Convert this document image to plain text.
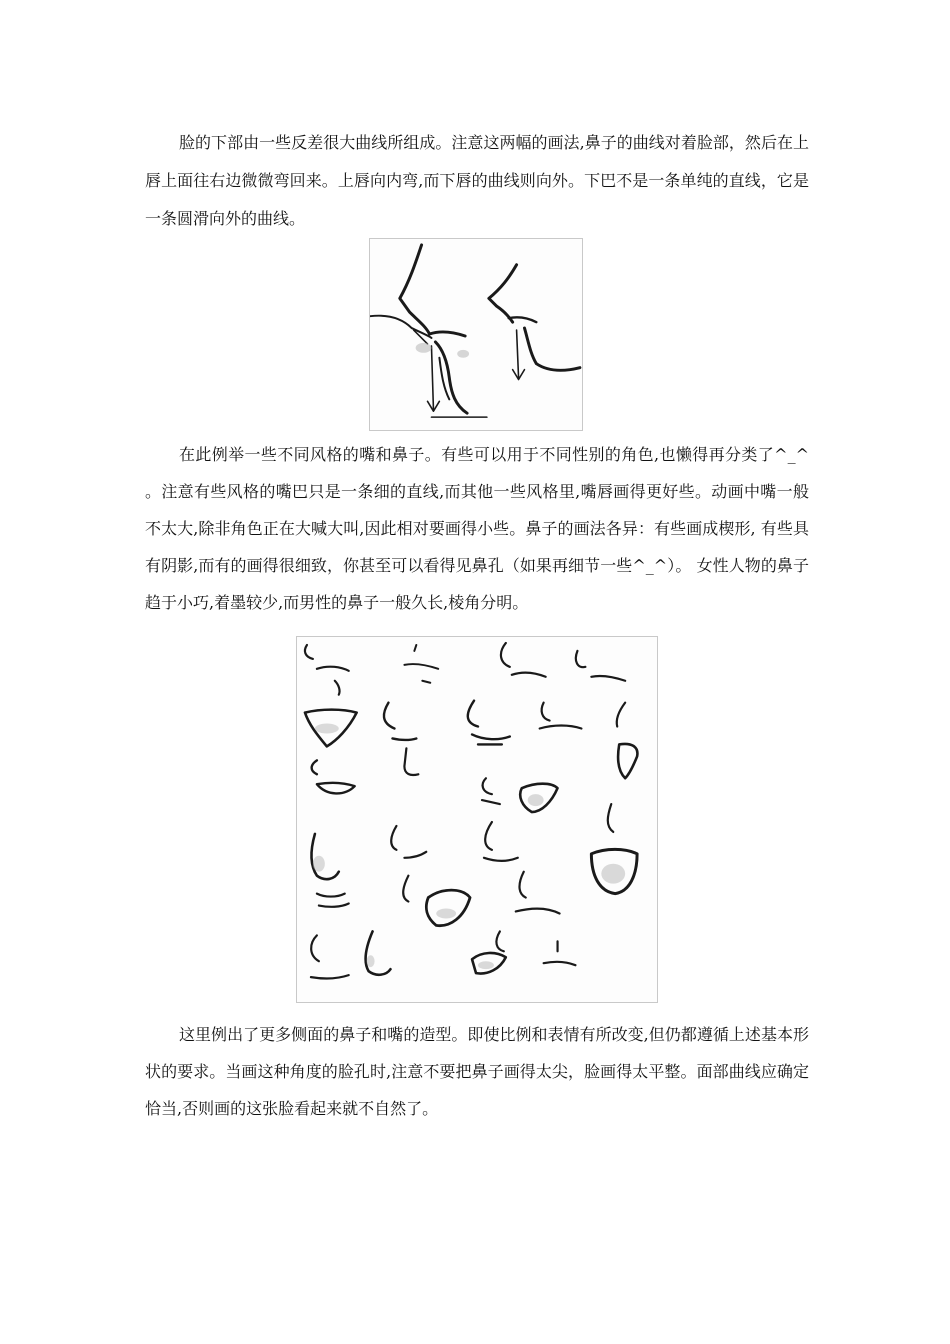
脸的下部由一些反差很大曲线所组成。注意这两幅的画法,鼻子的曲线对着脸部，然后在上唇上面往右边微微弯回来。上唇向内弯,而下唇的曲线则向外。下巴不是一条单纯的直线，它是一条圆滑向外的曲线。

在此例举一些不同风格的嘴和鼻子。有些可以用于不同性别的角色,也懒得再分类了^_^ 。注意有些风格的嘴巴只是一条细的直线,而其他一些风格里,嘴唇画得更好些。动画中嘴一般不太大,除非角色正在大喊大叫,因此相对要画得小些。鼻子的画法各异：有些画成楔形, 有些具有阴影,而有的画得很细致，你甚至可以看得见鼻孔（如果再细节一些^_^）。 女性人物的鼻子趋于小巧,着墨较少,而男性的鼻子一般久长,棱角分明。

这里例出了更多侧面的鼻子和嘴的造型。即使比例和表情有所改变,但仍都遵循上述基本形状的要求。当画这种角度的脸孔时,注意不要把鼻子画得太尖，脸画得太平整。面部曲线应确定恰当,否则画的这张脸看起来就不自然了。
